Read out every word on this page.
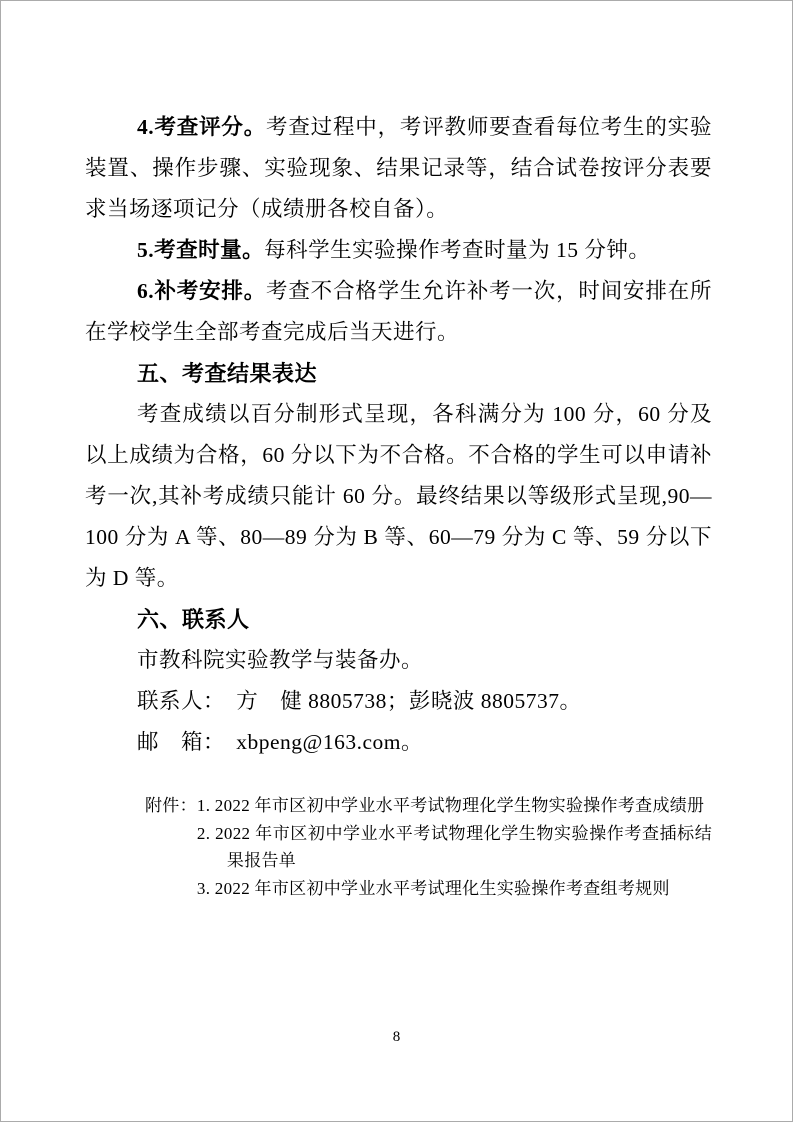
4.考查评分。考查过程中，考评教师要查看每位考生的实验装置、操作步骤、实验现象、结果记录等，结合试卷按评分表要求当场逐项记分（成绩册各校自备）。

5.考查时量。每科学生实验操作考查时量为 15 分钟。

6.补考安排。考查不合格学生允许补考一次，时间安排在所在学校学生全部考查完成后当天进行。

五、考查结果表达

考查成绩以百分制形式呈现，各科满分为 100 分，60 分及以上成绩为合格，60 分以下为不合格。不合格的学生可以申请补考一次,其补考成绩只能计 60 分。最终结果以等级形式呈现,90—100 分为 A 等、80—89 分为 B 等、60—79 分为 C 等、59 分以下为 D 等。

六、联系人

市教科院实验教学与装备办。

联系人：　方　健 8805738；彭晓波 8805737。

邮　箱：　xbpeng@163.com。

附件： 1. 2022 年市区初中学业水平考试物理化学生物实验操作考查成绩册
2. 2022 年市区初中学业水平考试物理化学生物实验操作考查插标结果报告单
3. 2022 年市区初中学业水平考试理化生实验操作考查组考规则
8
